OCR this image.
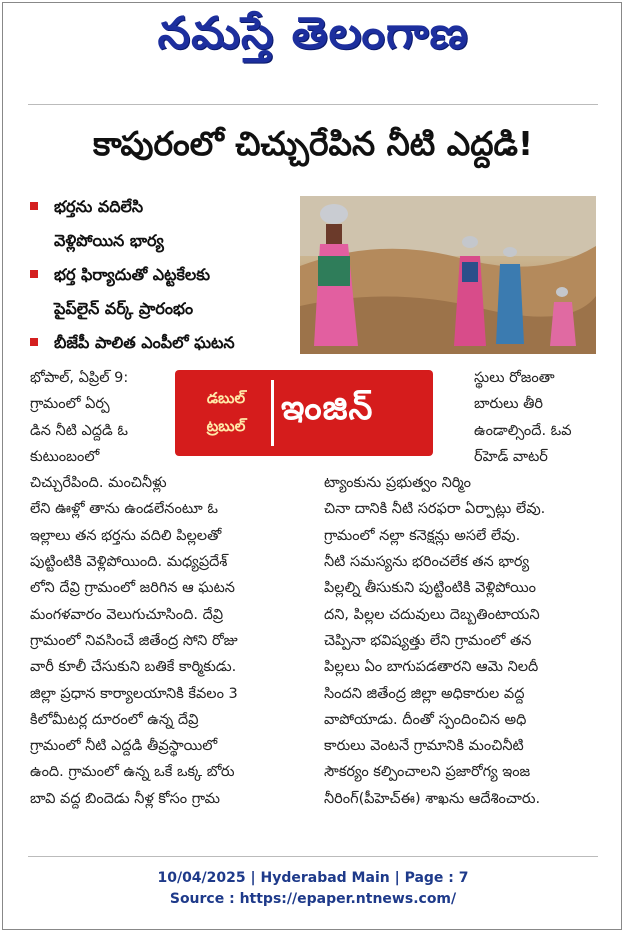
నమస్తే తెలంగాణ
కాపురంలో చిచ్చురేపిన నీటి ఎద్దడి!
భర్తను వదిలేసి
వెళ్లిపోయిన భార్య
భర్త ఫిర్యాదుతో ఎట్టకేలకు
పైప్‌లైన్ వర్క్ ప్రారంభం
బీజేపీ పాలిత ఎంపీలో ఘటన
భోపాల్, ఏప్రిల్ 9:
గ్రామంలో ఏర్ప
డిన నీటి ఎద్దడి ఓ
కుటుంబంలో
చిచ్చురేపింది. మంచినీళ్లు
లేని ఊళ్లో తాను ఉండలేనంటూ ఓ
ఇల్లాలు తన భర్తను వదిలి పిల్లలతో
పుట్టింటికి వెళ్లిపోయింది. మధ్యప్రదేశ్
లోని దేవ్రి గ్రామంలో జరిగిన ఆ ఘటన
మంగళవారం వెలుగుచూసింది. దేవ్రి
గ్రామంలో నివసించే జితేంద్ర సోని రోజు
వారీ కూలీ చేసుకుని బతికే కార్మికుడు.
జిల్లా ప్రధాన కార్యాలయానికి కేవలం 3
కిలోమీటర్ల దూరంలో ఉన్న దేవ్రి
గ్రామంలో నీటి ఎద్దడి తీవ్రస్థాయిలో
ఉంది. గ్రామంలో ఉన్న ఒకే ఒక్క బోరు
బావి వద్ద బిందెడు నీళ్ల కోసం గ్రామ
స్థులు రోజంతా
బారులు తీరి
ఉండాల్సిందే. ఓవ
ర్‌హెడ్ వాటర్
ట్యాంకును ప్రభుత్వం నిర్మిం
చినా దానికి నీటి సరఫరా ఏర్పాట్లు లేవు.
గ్రామంలో నల్లా కనెక్షన్లు అసలే లేవు.
నీటి సమస్యను భరించలేక తన భార్య
పిల్లల్ని తీసుకుని పుట్టింటికి వెళ్లిపోయిం
దని, పిల్లల చదువులు దెబ్బతింటాయని
చెప్పినా భవిష్యత్తు లేని గ్రామంలో తన
పిల్లలు ఏం బాగుపడతారని ఆమె నిలదీ
సిందని జితేంద్ర జిల్లా అధికారుల వద్ద
వాపోయాడు. దీంతో స్పందించిన అధి
కారులు వెంటనే గ్రామానికి మంచినీటి
సౌకర్యం కల్పించాలని ప్రజారోగ్య ఇంజ
నీరింగ్(పీహెచ్‌ఈ) శాఖను ఆదేశించారు.
డబుల్
ట్రబుల్	ఇంజిన్
10/04/2025 | Hyderabad Main | Page : 7
Source : https://epaper.ntnews.com/
